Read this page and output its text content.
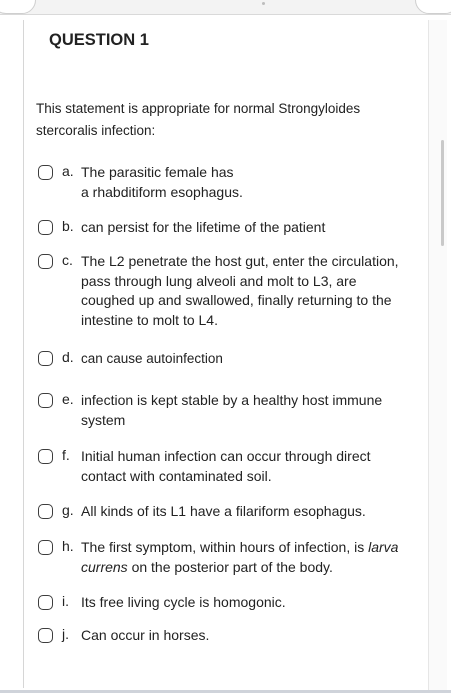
QUESTION 1
This statement is appropriate for normal Strongyloides stercoralis infection:
a. The parasitic female has
a rhabditiform esophagus.
b. can persist for the lifetime of the patient
c. The L2 penetrate the host gut, enter the circulation, pass through lung alveoli and molt to L3, are coughed up and swallowed, finally returning to the intestine to molt to L4.
d. can cause autoinfection
e. infection is kept stable by a healthy host immune system
f. Initial human infection can occur through direct contact with contaminated soil.
g. All kinds of its L1 have a filariform esophagus.
h. The first symptom, within hours of infection, is larva currens on the posterior part of the body.
i. Its free living cycle is homogonic.
j. Can occur in horses.
